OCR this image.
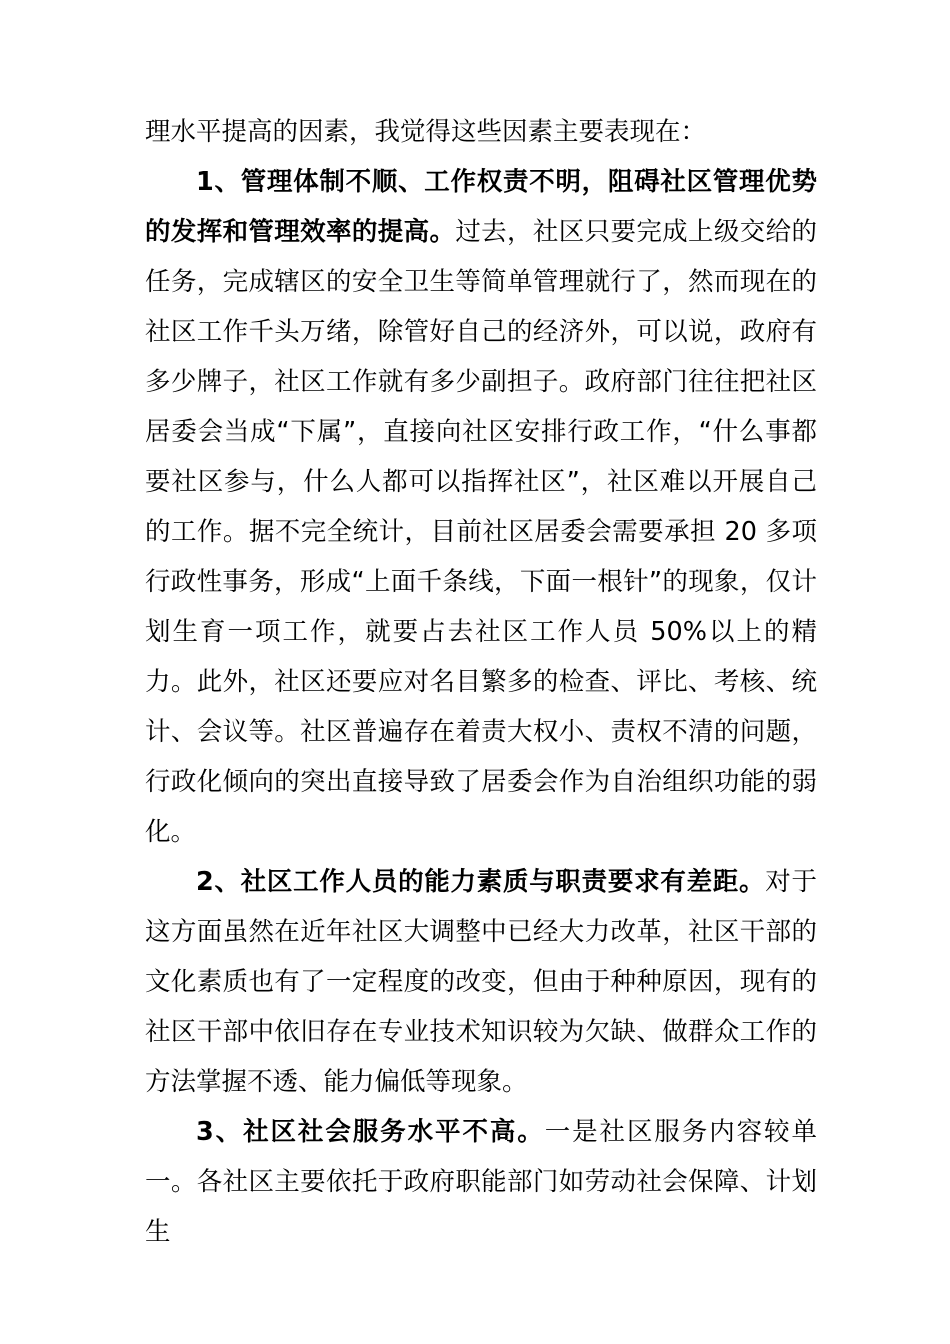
理水平提高的因素，我觉得这些因素主要表现在：

1、管理体制不顺、工作权责不明，阻碍社区管理优势的发挥和管理效率的提高。过去，社区只要完成上级交给的任务，完成辖区的安全卫生等简单管理就行了，然而现在的社区工作千头万绪，除管好自己的经济外，可以说，政府有多少牌子，社区工作就有多少副担子。政府部门往往把社区居委会当成“下属”，直接向社区安排行政工作，“什么事都要社区参与，什么人都可以指挥社区”，社区难以开展自己的工作。据不完全统计，目前社区居委会需要承担 20 多项行政性事务，形成“上面千条线，下面一根针”的现象，仅计划生育一项工作，就要占去社区工作人员 50%以上的精力。此外，社区还要应对名目繁多的检查、评比、考核、统计、会议等。社区普遍存在着责大权小、责权不清的问题，行政化倾向的突出直接导致了居委会作为自治组织功能的弱化。

2、社区工作人员的能力素质与职责要求有差距。对于这方面虽然在近年社区大调整中已经大力改革，社区干部的文化素质也有了一定程度的改变，但由于种种原因，现有的社区干部中依旧存在专业技术知识较为欠缺、做群众工作的方法掌握不透、能力偏低等现象。

3、社区社会服务水平不高。一是社区服务内容较单一。各社区主要依托于政府职能部门如劳动社会保障、计划生
